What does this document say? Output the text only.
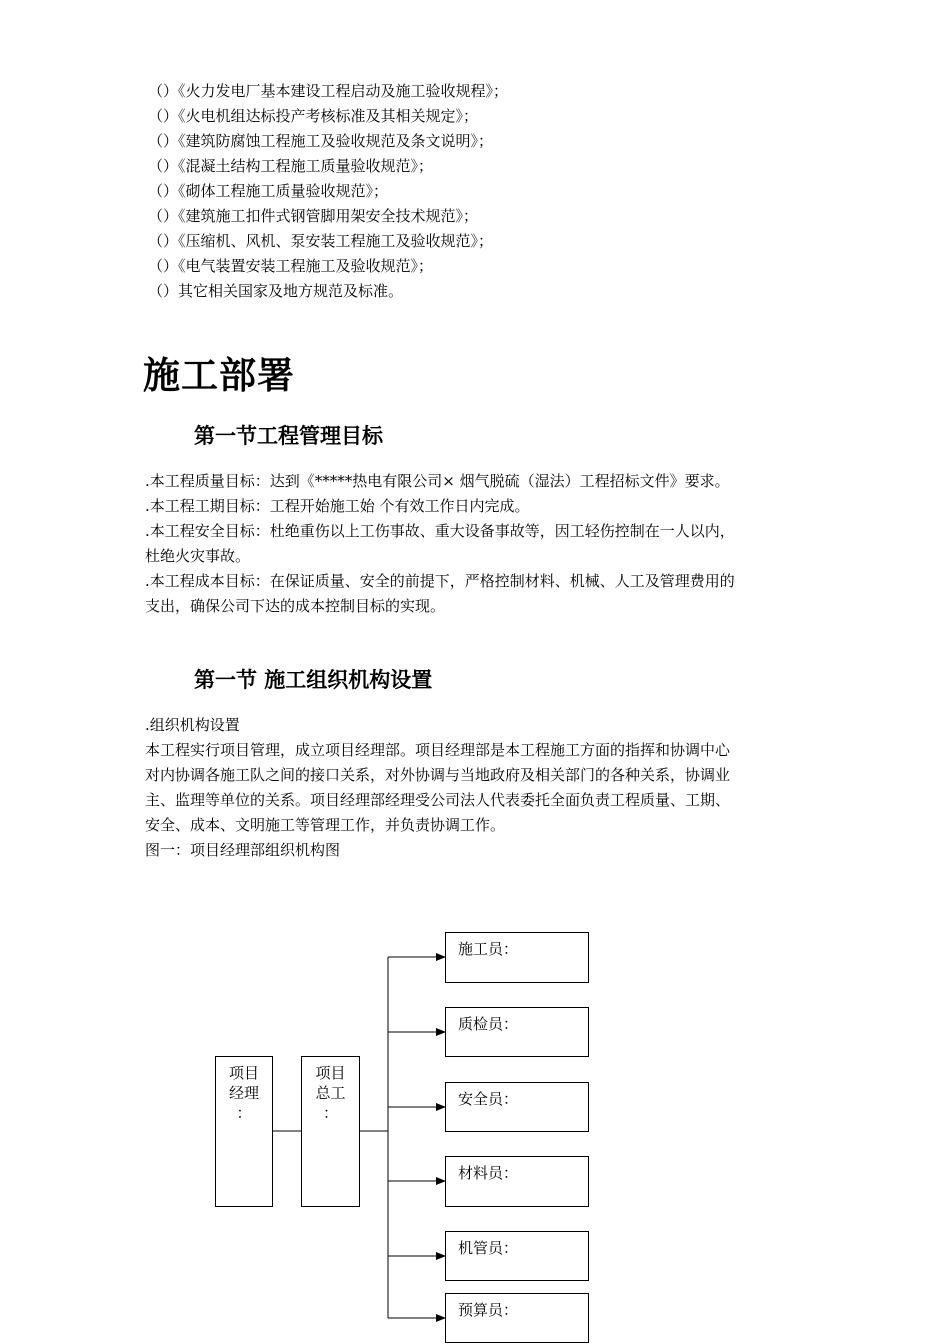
（）《火力发电厂基本建设工程启动及施工验收规程》；
（）《火电机组达标投产考核标准及其相关规定》；
（）《建筑防腐蚀工程施工及验收规范及条文说明》；
（）《混凝土结构工程施工质量验收规范》；
（）《砌体工程施工质量验收规范》；
（）《建筑施工扣件式钢管脚用架安全技术规范》；
（）《压缩机、风机、泵安装工程施工及验收规范》；
（）《电气装置安装工程施工及验收规范》；
（）其它相关国家及地方规范及标准。
施工部署
第一节工程管理目标
.本工程质量目标：达到《*****热电有限公司× 烟气脱硫（湿法）工程招标文件》要求。
.本工程工期目标：工程开始施工始 个有效工作日内完成。
.本工程安全目标：杜绝重伤以上工伤事故、重大设备事故等，因工轻伤控制在一人以内，
杜绝火灾事故。
.本工程成本目标：在保证质量、安全的前提下，严格控制材料、机械、人工及管理费用的
支出，确保公司下达的成本控制目标的实现。
第一节 施工组织机构设置
.组织机构设置
本工程实行项目管理，成立项目经理部。项目经理部是本工程施工方面的指挥和协调中心
对内协调各施工队之间的接口关系，对外协调与当地政府及相关部门的各种关系，协调业
主、监理等单位的关系。项目经理部经理受公司法人代表委托全面负责工程质量、工期、
安全、成本、文明施工等管理工作，并负责协调工作。
图一：项目经理部组织机构图
项目
经理
：
项目
总工
：
施工员：
质检员：
安全员：
材料员：
机管员：
预算员：
